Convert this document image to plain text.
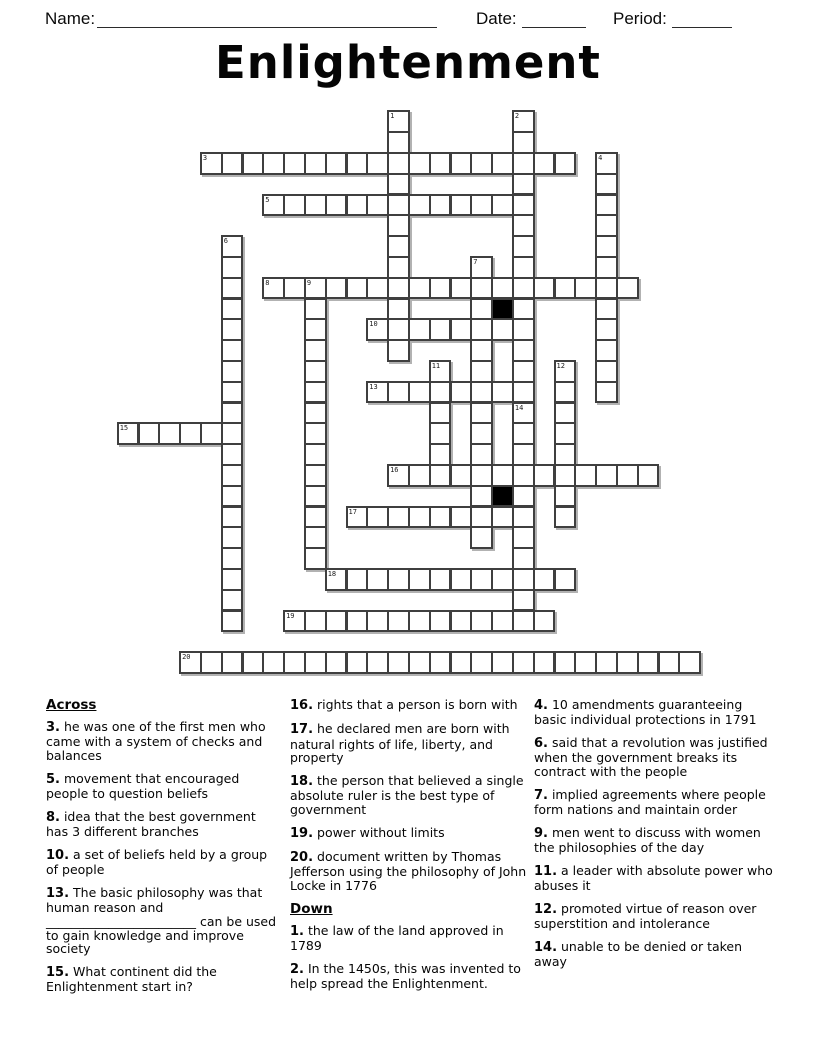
Name:	Date:	Period:
Enlightenment
1	2
3	4
5
6
7
8	9
10
11	12
13
14
15
16
17
18
19
20
Across
3. he was one of the first men who came with a system of checks and balances
5. movement that encouraged people to question beliefs
8. idea that the best government has 3 different branches
10. a set of beliefs held by a group of people
13. The basic philosophy was that human reason and ________________________ can be used to gain knowledge and improve society
15. What continent did the Enlightenment start in?
16. rights that a person is born with
17. he declared men are born with natural rights of life, liberty, and property
18. the person that believed a single absolute ruler is the best type of government
19. power without limits
20. document written by Thomas Jefferson using the philosophy of John Locke in 1776
Down
1. the law of the land approved in 1789
2. In the 1450s, this was invented to help spread the Enlightenment.
4. 10 amendments guaranteeing basic individual protections in 1791
6. said that a revolution was justified when the government breaks its contract with the people
7. implied agreements where people form nations and maintain order
9. men went to discuss with women the philosophies of the day
11. a leader with absolute power who abuses it
12. promoted virtue of reason over superstition and intolerance
14. unable to be denied or taken away
